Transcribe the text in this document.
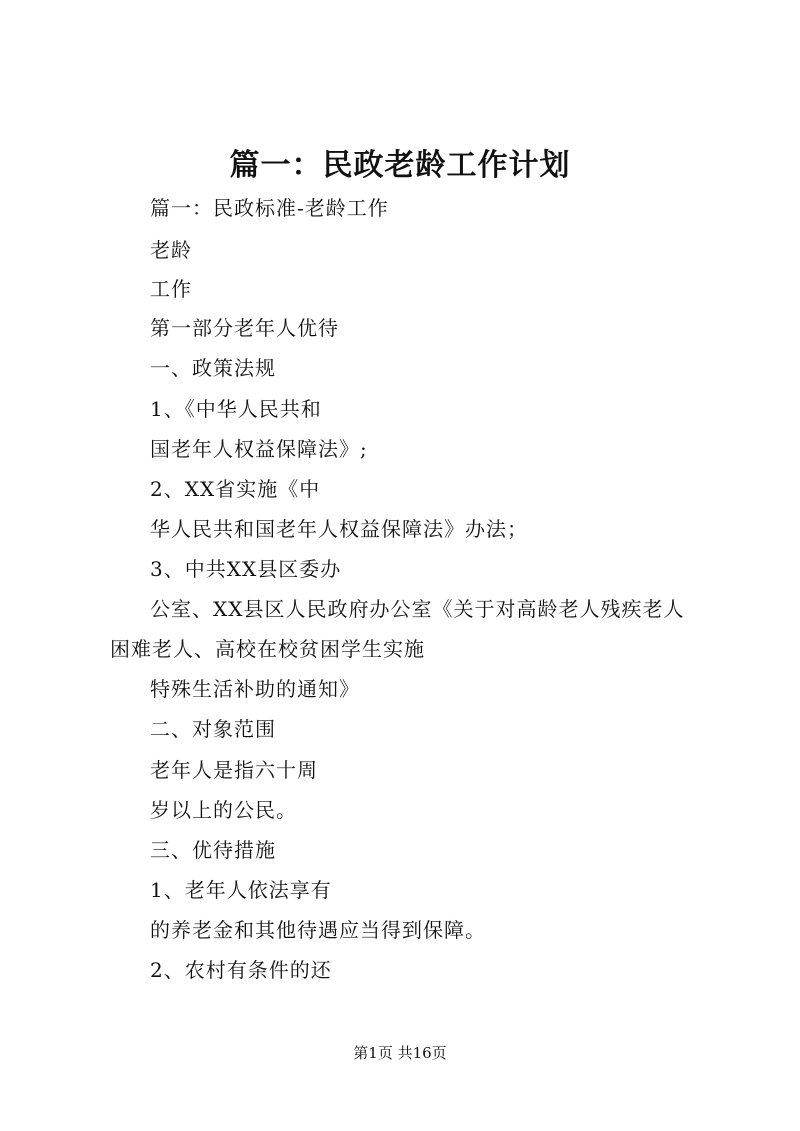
篇一：民政老龄工作计划
篇一：民政标准-老龄工作
老龄
工作
第一部分老年人优待
一、政策法规
1、《中华人民共和
国老年人权益保障法》;
2、XX省实施《中
华人民共和国老年人权益保障法》办法；
3、中共XX县区委办
公室、XX县区人民政府办公室《关于对高龄老人残疾老人
困难老人、高校在校贫困学生实施
特殊生活补助的通知》
二、对象范围
老年人是指六十周
岁以上的公民。
三、优待措施
1、老年人依法享有
的养老金和其他待遇应当得到保障。
2、农村有条件的还
第1页 共16页
